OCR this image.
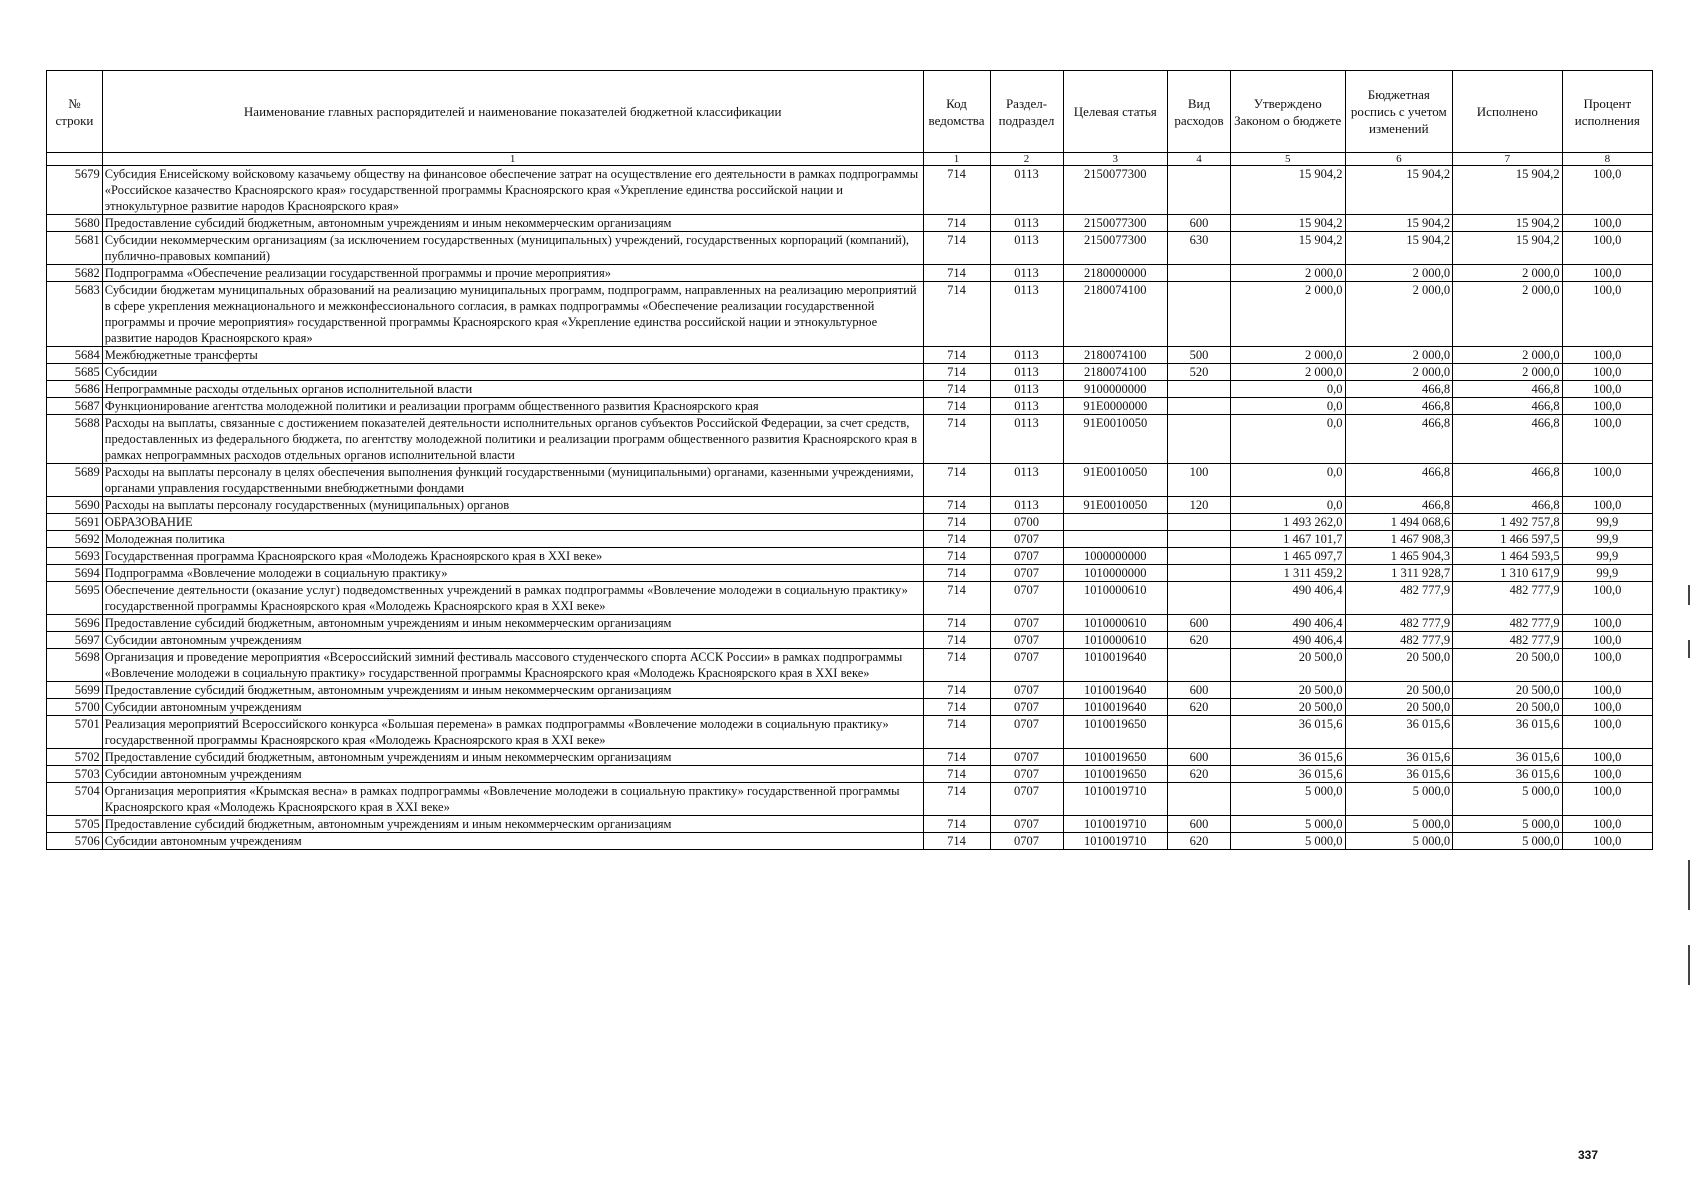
№ строки	Наименование главных распорядителей и наименование показателей бюджетной классификации	Код ведомства	Раздел-подраздел	Целевая статья	Вид расходов	Утверждено Законом о бюджете	Бюджетная роспись с учетом изменений	Исполнено	Процент исполнения
	1	1	2	3	4	5	6	7	8
5679	Субсидия Енисейскому войсковому казачьему обществу на финансовое обеспечение затрат на осуществление его деятельности в рамках подпрограммы «Российское казачество Красноярского края» государственной программы Красноярского края «Укрепление единства российской нации и этнокультурное развитие народов Красноярского края»	714	0113	2150077300		15 904,2	15 904,2	15 904,2	100,0
5680	Предоставление субсидий бюджетным, автономным учреждениям и иным некоммерческим организациям	714	0113	2150077300	600	15 904,2	15 904,2	15 904,2	100,0
5681	Субсидии некоммерческим организациям (за исключением государственных (муниципальных) учреждений, государственных корпораций (компаний), публично-правовых компаний)	714	0113	2150077300	630	15 904,2	15 904,2	15 904,2	100,0
5682	Подпрограмма «Обеспечение реализации государственной программы и прочие мероприятия»	714	0113	2180000000		2 000,0	2 000,0	2 000,0	100,0
5683	Субсидии бюджетам муниципальных образований на реализацию муниципальных программ, подпрограмм, направленных на реализацию мероприятий в сфере укрепления межнационального и межконфессионального согласия, в рамках подпрограммы «Обеспечение реализации государственной программы и прочие мероприятия» государственной программы Красноярского края «Укрепление единства российской нации и этнокультурное развитие народов Красноярского края»	714	0113	2180074100		2 000,0	2 000,0	2 000,0	100,0
5684	Межбюджетные трансферты	714	0113	2180074100	500	2 000,0	2 000,0	2 000,0	100,0
5685	Субсидии	714	0113	2180074100	520	2 000,0	2 000,0	2 000,0	100,0
5686	Непрограммные расходы отдельных органов исполнительной власти	714	0113	9100000000		0,0	466,8	466,8	100,0
5687	Функционирование агентства молодежной политики и реализации программ общественного развития Красноярского края	714	0113	91E0000000		0,0	466,8	466,8	100,0
5688	Расходы на выплаты, связанные с достижением показателей деятельности исполнительных органов субъектов Российской Федерации, за счет средств, предоставленных из федерального бюджета, по агентству молодежной политики и реализации программ общественного развития Красноярского края в рамках непрограммных расходов отдельных органов исполнительной власти	714	0113	91E0010050		0,0	466,8	466,8	100,0
5689	Расходы на выплаты персоналу в целях обеспечения выполнения функций государственными (муниципальными) органами, казенными учреждениями, органами управления государственными внебюджетными фондами	714	0113	91E0010050	100	0,0	466,8	466,8	100,0
5690	Расходы на выплаты персоналу государственных (муниципальных) органов	714	0113	91E0010050	120	0,0	466,8	466,8	100,0
5691	ОБРАЗОВАНИЕ	714	0700			1 493 262,0	1 494 068,6	1 492 757,8	99,9
5692	Молодежная политика	714	0707			1 467 101,7	1 467 908,3	1 466 597,5	99,9
5693	Государственная программа Красноярского края «Молодежь Красноярского края в XXI веке»	714	0707	1000000000		1 465 097,7	1 465 904,3	1 464 593,5	99,9
5694	Подпрограмма «Вовлечение молодежи в социальную практику»	714	0707	1010000000		1 311 459,2	1 311 928,7	1 310 617,9	99,9
5695	Обеспечение деятельности (оказание услуг) подведомственных учреждений в рамках подпрограммы «Вовлечение молодежи в социальную практику» государственной программы Красноярского края «Молодежь Красноярского края в XXI веке»	714	0707	1010000610		490 406,4	482 777,9	482 777,9	100,0
5696	Предоставление субсидий бюджетным, автономным учреждениям и иным некоммерческим организациям	714	0707	1010000610	600	490 406,4	482 777,9	482 777,9	100,0
5697	Субсидии автономным учреждениям	714	0707	1010000610	620	490 406,4	482 777,9	482 777,9	100,0
5698	Организация и проведение мероприятия «Всероссийский зимний фестиваль массового студенческого спорта АССК России» в рамках подпрограммы «Вовлечение молодежи в социальную практику» государственной программы Красноярского края «Молодежь Красноярского края в XXI веке»	714	0707	1010019640		20 500,0	20 500,0	20 500,0	100,0
5699	Предоставление субсидий бюджетным, автономным учреждениям и иным некоммерческим организациям	714	0707	1010019640	600	20 500,0	20 500,0	20 500,0	100,0
5700	Субсидии автономным учреждениям	714	0707	1010019640	620	20 500,0	20 500,0	20 500,0	100,0
5701	Реализация мероприятий Всероссийского конкурса «Большая перемена» в рамках подпрограммы «Вовлечение молодежи в социальную практику» государственной программы Красноярского края «Молодежь Красноярского края в XXI веке»	714	0707	1010019650		36 015,6	36 015,6	36 015,6	100,0
5702	Предоставление субсидий бюджетным, автономным учреждениям и иным некоммерческим организациям	714	0707	1010019650	600	36 015,6	36 015,6	36 015,6	100,0
5703	Субсидии автономным учреждениям	714	0707	1010019650	620	36 015,6	36 015,6	36 015,6	100,0
5704	Организация мероприятия «Крымская весна» в рамках подпрограммы «Вовлечение молодежи в социальную практику» государственной программы Красноярского края «Молодежь Красноярского края в XXI веке»	714	0707	1010019710		5 000,0	5 000,0	5 000,0	100,0
5705	Предоставление субсидий бюджетным, автономным учреждениям и иным некоммерческим организациям	714	0707	1010019710	600	5 000,0	5 000,0	5 000,0	100,0
5706	Субсидии автономным учреждениям	714	0707	1010019710	620	5 000,0	5 000,0	5 000,0	100,0
337
